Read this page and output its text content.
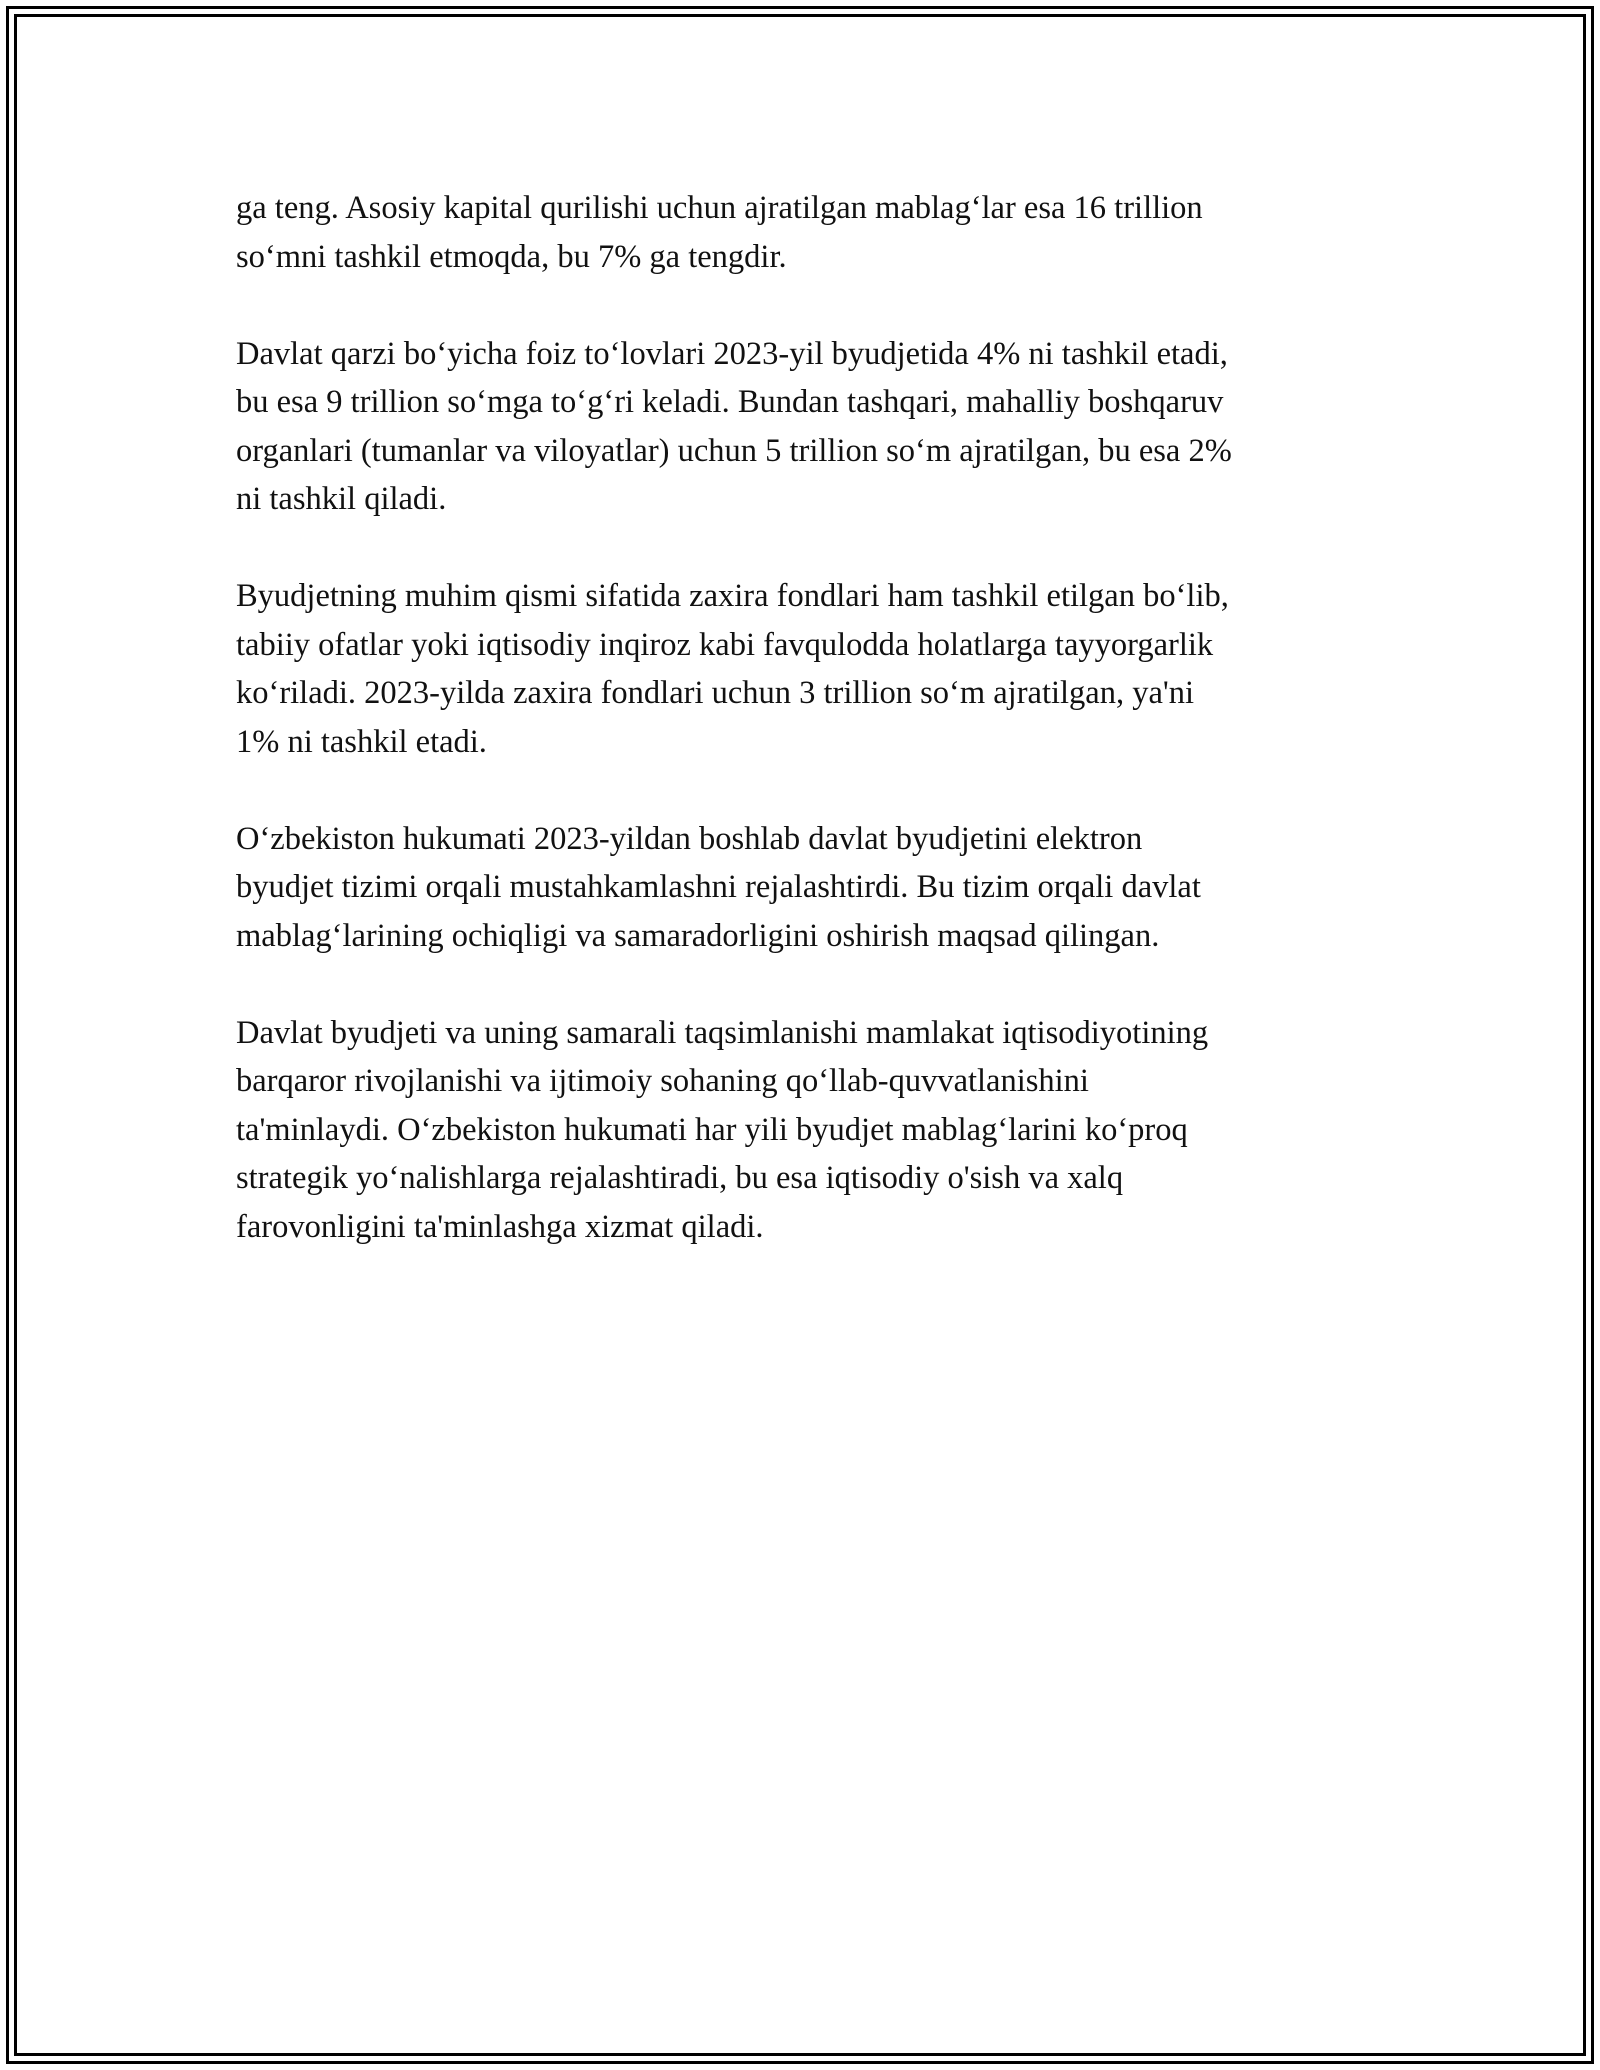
ga teng. Asosiy kapital qurilishi uchun ajratilgan mablag‘lar esa 16 trillion
so‘mni tashkil etmoqda, bu 7% ga tengdir.

Davlat qarzi bo‘yicha foiz to‘lovlari 2023-yil byudjetida 4% ni tashkil etadi,
bu esa 9 trillion so‘mga to‘g‘ri keladi. Bundan tashqari, mahalliy boshqaruv
organlari (tumanlar va viloyatlar) uchun 5 trillion so‘m ajratilgan, bu esa 2%
ni tashkil qiladi.

Byudjetning muhim qismi sifatida zaxira fondlari ham tashkil etilgan bo‘lib,
tabiiy ofatlar yoki iqtisodiy inqiroz kabi favqulodda holatlarga tayyorgarlik
ko‘riladi. 2023-yilda zaxira fondlari uchun 3 trillion so‘m ajratilgan, ya'ni
1% ni tashkil etadi.

O‘zbekiston hukumati 2023-yildan boshlab davlat byudjetini elektron
byudjet tizimi orqali mustahkamlashni rejalashtirdi. Bu tizim orqali davlat
mablag‘larining ochiqligi va samaradorligini oshirish maqsad qilingan.

Davlat byudjeti va uning samarali taqsimlanishi mamlakat iqtisodiyotining
barqaror rivojlanishi va ijtimoiy sohaning qo‘llab-quvvatlanishini
ta'minlaydi. O‘zbekiston hukumati har yili byudjet mablag‘larini ko‘proq
strategik yo‘nalishlarga rejalashtiradi, bu esa iqtisodiy o'sish va xalq
farovonligini ta'minlashga xizmat qiladi.
